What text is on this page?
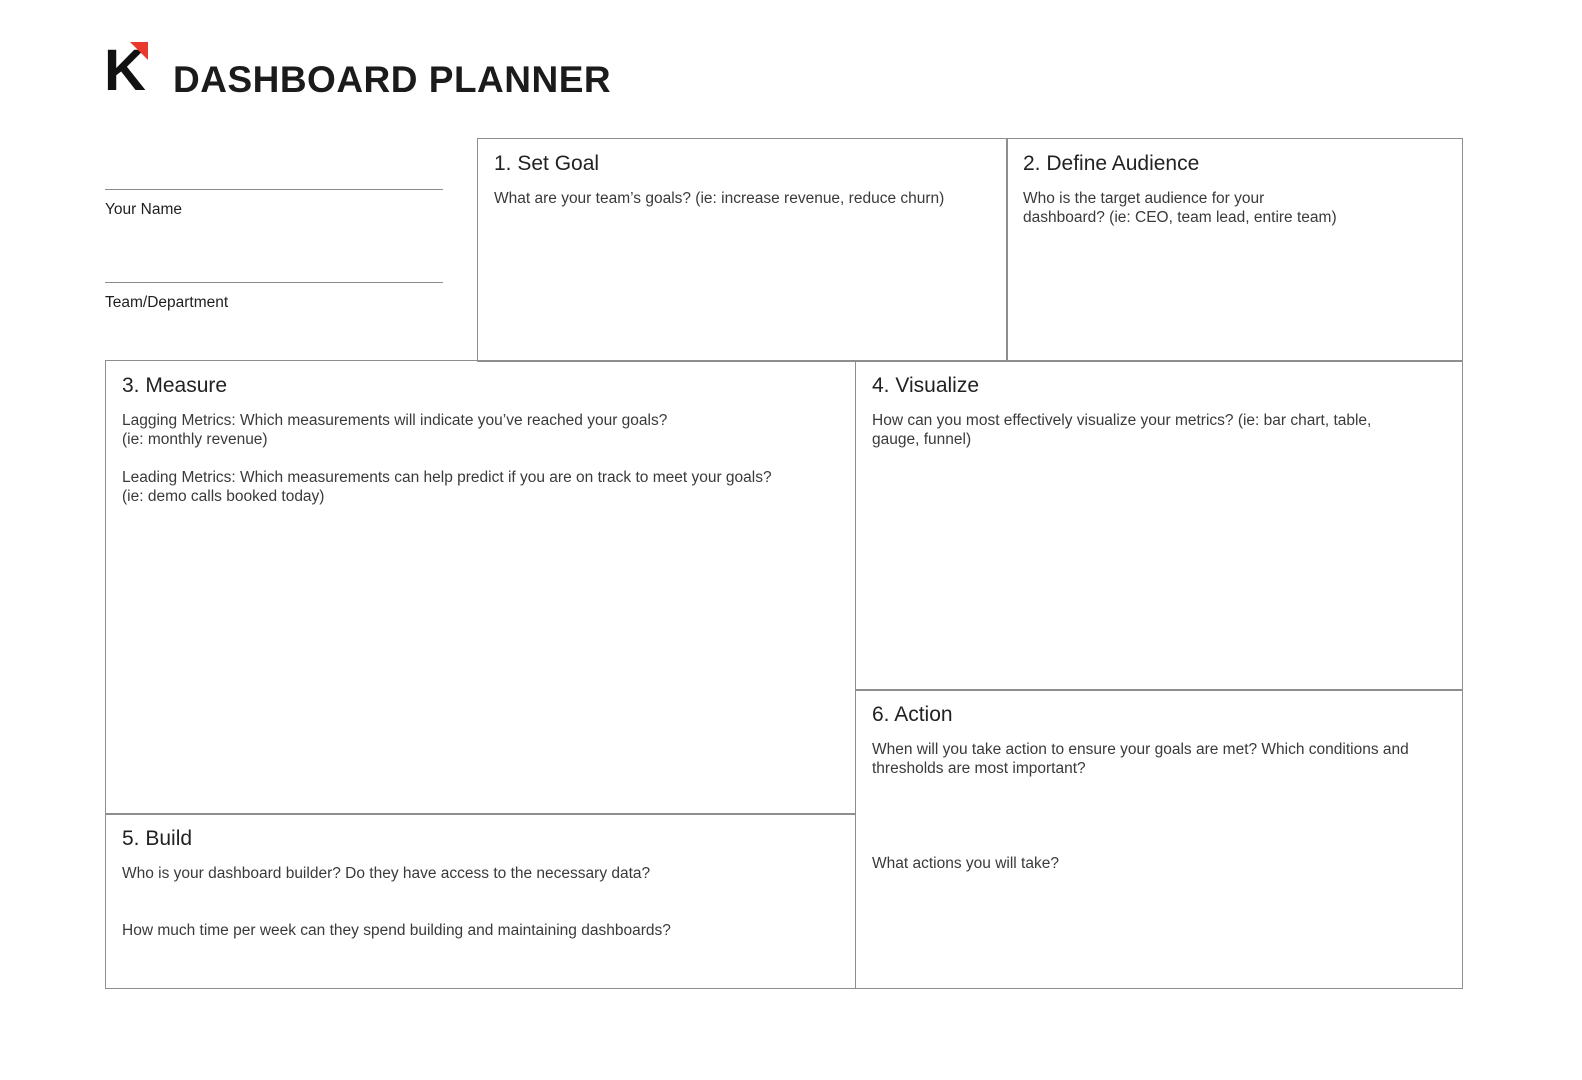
K DASHBOARD PLANNER
Your Name
Team/Department
1. Set Goal

What are your team’s goals? (ie: increase revenue, reduce churn)

2. Define Audience

Who is the target audience for your

dashboard? (ie: CEO, team lead, entire team)

3. Measure

Lagging Metrics: Which measurements will indicate you’ve reached your goals?

(ie: monthly revenue)

Leading Metrics: Which measurements can help predict if you are on track to meet your goals?

(ie: demo calls booked today)

4. Visualize

How can you most effectively visualize your metrics? (ie: bar chart, table,

gauge, funnel)

5. Build

Who is your dashboard builder? Do they have access to the necessary data?

How much time per week can they spend building and maintaining dashboards?

6. Action

When will you take action to ensure your goals are met? Which conditions and

thresholds are most important?

What actions you will take?
